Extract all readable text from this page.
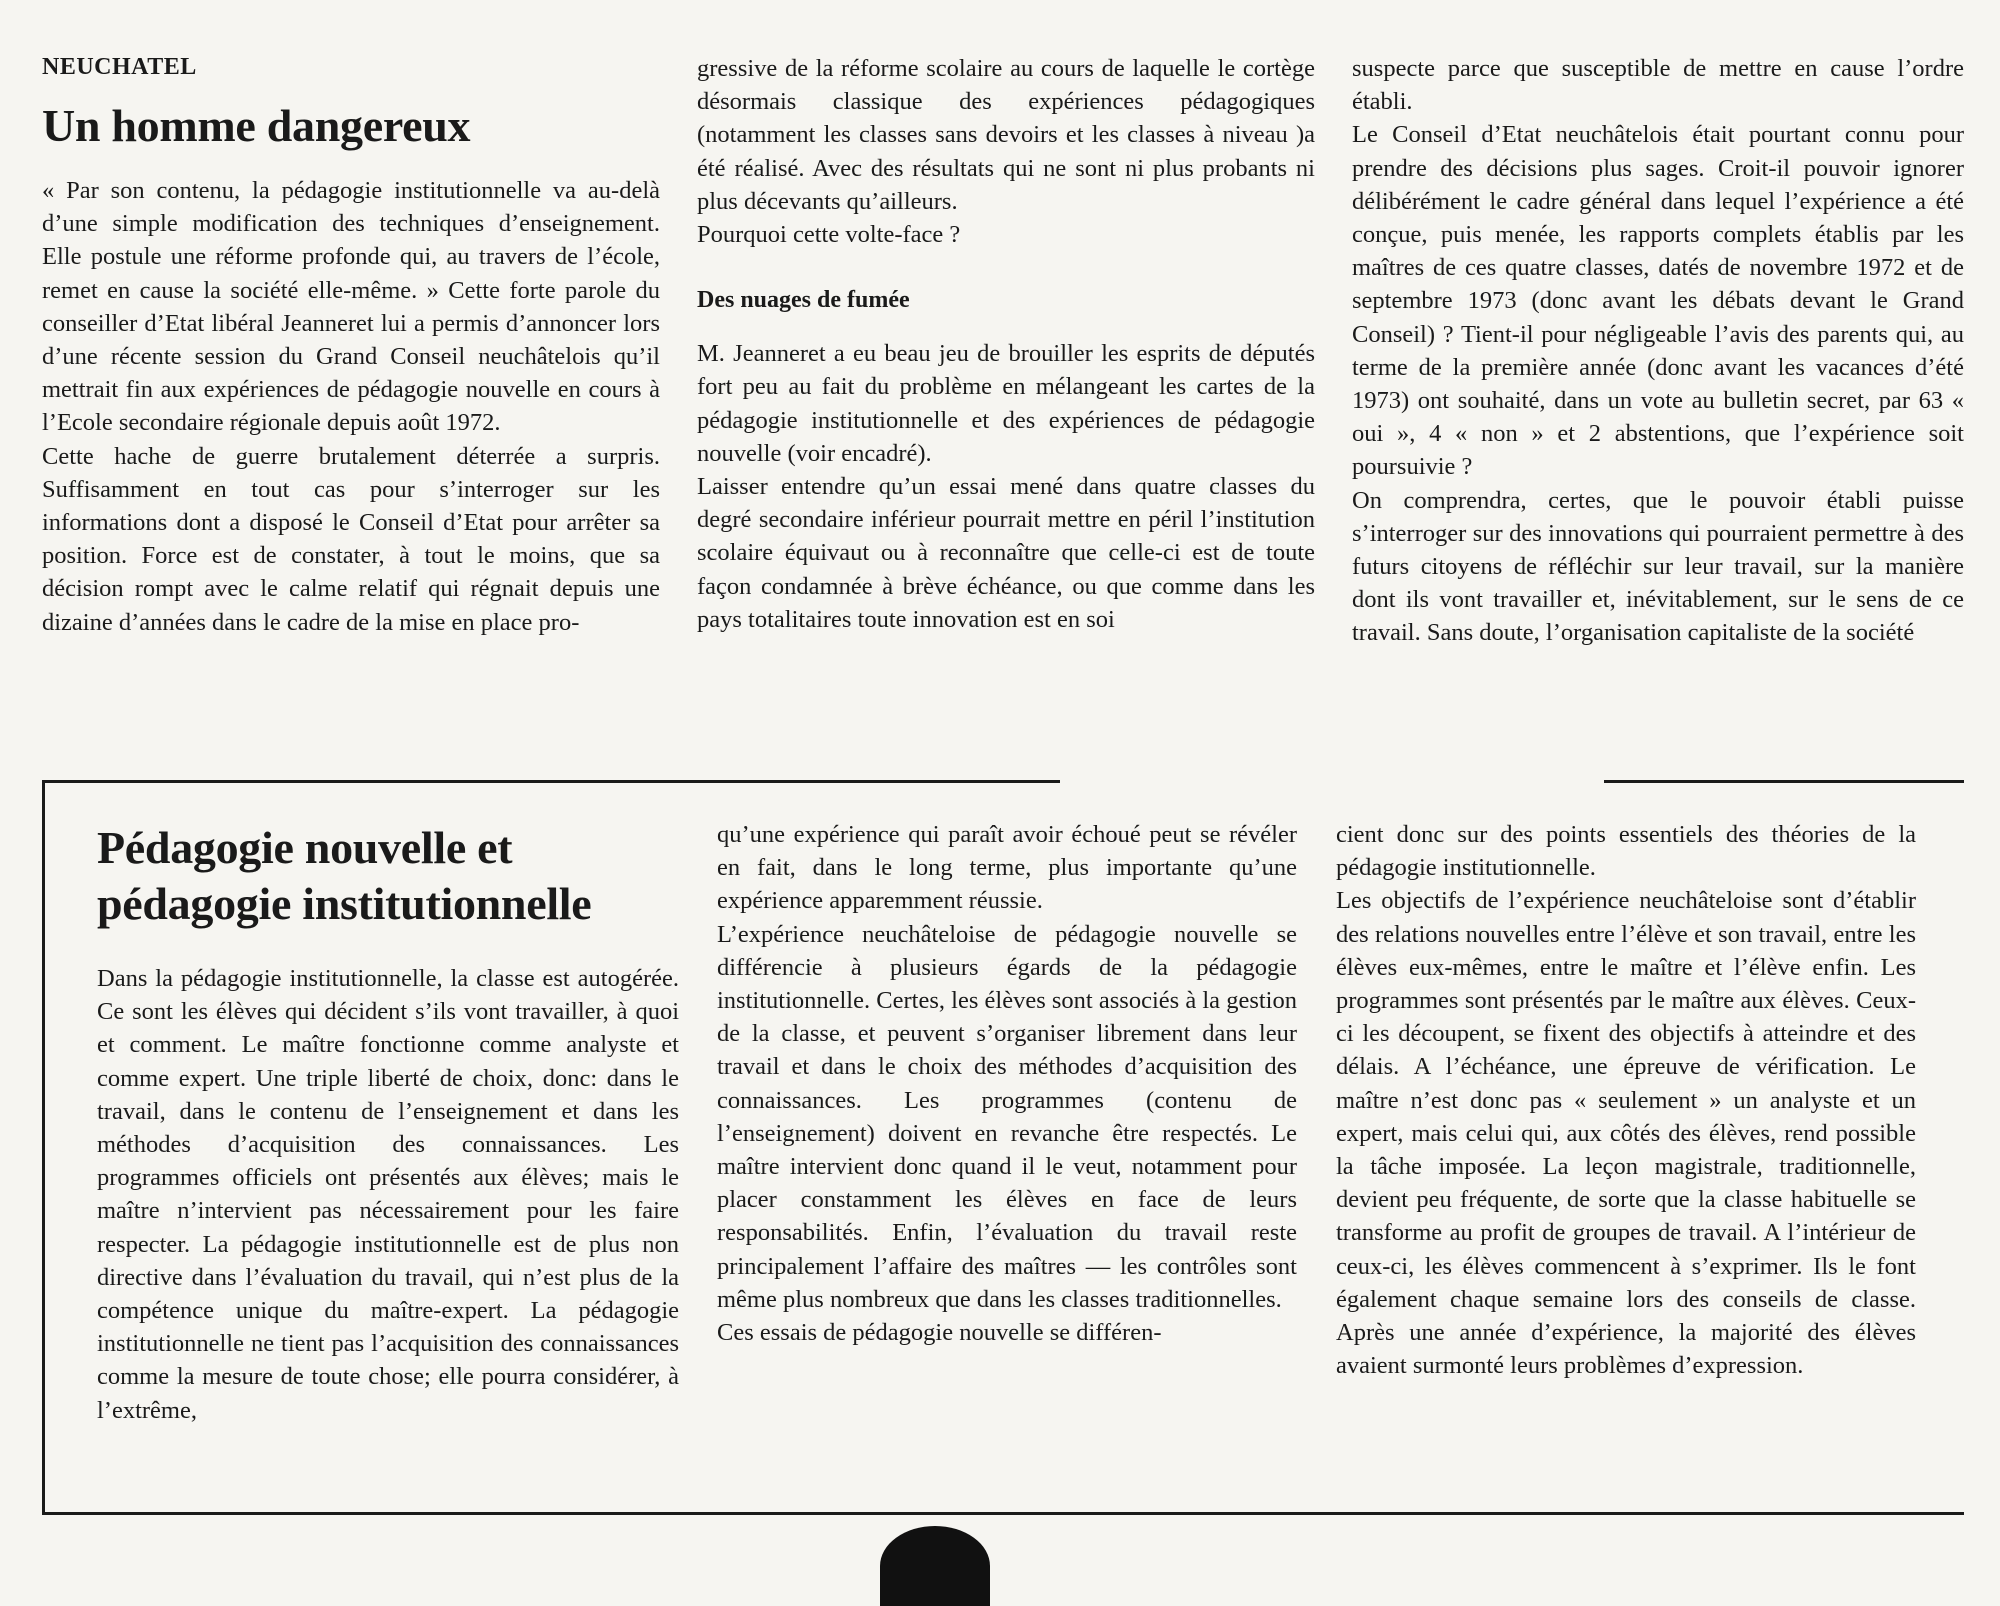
NEUCHATEL
Un homme dangereux

« Par son contenu, la pédagogie institutionnelle va au-delà d’une simple modification des techniques d’enseignement. Elle postule une réforme profonde qui, au travers de l’école, remet en cause la société elle-même. » Cette forte parole du conseiller d’Etat libéral Jeanneret lui a permis d’annoncer lors d’une récente session du Grand Conseil neuchâtelois qu’il mettrait fin aux expériences de pédagogie nouvelle en cours à l’Ecole secondaire régionale depuis août 1972.

Cette hache de guerre brutalement déterrée a surpris. Suffisamment en tout cas pour s’interroger sur les informations dont a disposé le Conseil d’Etat pour arrêter sa position. Force est de constater, à tout le moins, que sa décision rompt avec le calme relatif qui régnait depuis une dizaine d’années dans le cadre de la mise en place pro-

gressive de la réforme scolaire au cours de laquelle le cortège désormais classique des expériences pédagogiques (notamment les classes sans devoirs et les classes à niveau )a été réalisé. Avec des résultats qui ne sont ni plus probants ni plus décevants qu’ailleurs.

Pourquoi cette volte-face ?

Des nuages de fumée

M. Jeanneret a eu beau jeu de brouiller les esprits de députés fort peu au fait du problème en mélangeant les cartes de la pédagogie institutionnelle et des expériences de pédagogie nouvelle (voir encadré).

Laisser entendre qu’un essai mené dans quatre classes du degré secondaire inférieur pourrait mettre en péril l’institution scolaire équivaut ou à reconnaître que celle-ci est de toute façon condamnée à brève échéance, ou que comme dans les pays totalitaires toute innovation est en soi

suspecte parce que susceptible de mettre en cause l’ordre établi.

Le Conseil d’Etat neuchâtelois était pourtant connu pour prendre des décisions plus sages. Croit-il pouvoir ignorer délibérément le cadre général dans lequel l’expérience a été conçue, puis menée, les rapports complets établis par les maîtres de ces quatre classes, datés de novembre 1972 et de septembre 1973 (donc avant les débats devant le Grand Conseil) ? Tient-il pour négligeable l’avis des parents qui, au terme de la première année (donc avant les vacances d’été 1973) ont souhaité, dans un vote au bulletin secret, par 63 « oui », 4 « non » et 2 abstentions, que l’expérience soit poursuivie ?

On comprendra, certes, que le pouvoir établi puisse s’interroger sur des innovations qui pourraient permettre à des futurs citoyens de réfléchir sur leur travail, sur la manière dont ils vont travailler et, inévitablement, sur le sens de ce travail. Sans doute, l’organisation capitaliste de la société

Pédagogie nouvelle et
pédagogie institutionnelle

Dans la pédagogie institutionnelle, la classe est autogérée. Ce sont les élèves qui décident s’ils vont travailler, à quoi et comment. Le maître fonctionne comme analyste et comme expert. Une triple liberté de choix, donc: dans le travail, dans le contenu de l’enseignement et dans les méthodes d’acquisition des connaissances. Les programmes officiels ont présentés aux élèves; mais le maître n’intervient pas nécessairement pour les faire respecter. La pédagogie institutionnelle est de plus non directive dans l’évaluation du travail, qui n’est plus de la compétence unique du maître-expert. La pédagogie institutionnelle ne tient pas l’acquisition des connaissances comme la mesure de toute chose; elle pourra considérer, à l’extrême,

qu’une expérience qui paraît avoir échoué peut se révéler en fait, dans le long terme, plus importante qu’une expérience apparemment réussie.

L’expérience neuchâteloise de pédagogie nouvelle se différencie à plusieurs égards de la pédagogie institutionnelle. Certes, les élèves sont associés à la gestion de la classe, et peuvent s’organiser librement dans leur travail et dans le choix des méthodes d’acquisition des connaissances. Les programmes (contenu de l’enseignement) doivent en revanche être respectés. Le maître intervient donc quand il le veut, notamment pour placer constamment les élèves en face de leurs responsabilités. Enfin, l’évaluation du travail reste principalement l’affaire des maîtres — les contrôles sont même plus nombreux que dans les classes traditionnelles.

Ces essais de pédagogie nouvelle se différen-

cient donc sur des points essentiels des théories de la pédagogie institutionnelle.

Les objectifs de l’expérience neuchâteloise sont d’établir des relations nouvelles entre l’élève et son travail, entre les élèves eux-mêmes, entre le maître et l’élève enfin. Les programmes sont présentés par le maître aux élèves. Ceux-ci les découpent, se fixent des objectifs à atteindre et des délais. A l’échéance, une épreuve de vérification. Le maître n’est donc pas « seulement » un analyste et un expert, mais celui qui, aux côtés des élèves, rend possible la tâche imposée. La leçon magistrale, traditionnelle, devient peu fréquente, de sorte que la classe habituelle se transforme au profit de groupes de travail. A l’intérieur de ceux-ci, les élèves commencent à s’exprimer. Ils le font également chaque semaine lors des conseils de classe. Après une année d’expérience, la majorité des élèves avaient surmonté leurs problèmes d’expression.
